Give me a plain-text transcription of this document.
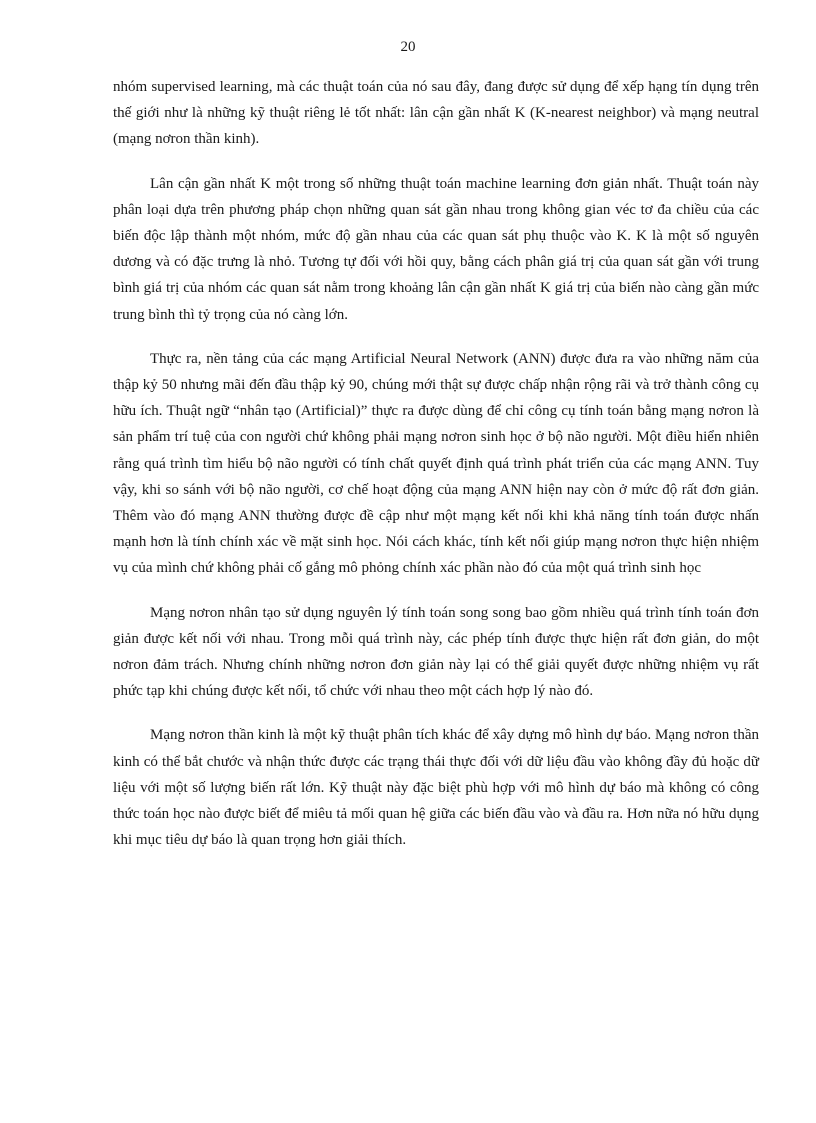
20

nhóm supervised learning, mà các thuật toán của nó sau đây, đang được sử dụng để xếp hạng tín dụng trên thế giới như là những kỹ thuật riêng lẻ tốt nhất: lân cận gần nhất K (K-nearest neighbor) và mạng neutral (mạng nơron thần kinh).

Lân cận gần nhất K một trong số những thuật toán machine learning đơn giản nhất. Thuật toán này phân loại dựa trên phương pháp chọn những quan sát gần nhau trong không gian véc tơ đa chiều của các biến độc lập thành một nhóm, mức độ gần nhau của các quan sát phụ thuộc vào K. K là một số nguyên dương và có đặc trưng là nhỏ. Tương tự đối với hồi quy, bằng cách phân giá trị của quan sát gần với trung bình giá trị của nhóm các quan sát nằm trong khoảng lân cận gần nhất K giá trị của biến nào càng gần mức trung bình thì tỷ trọng của nó càng lớn.

Thực ra, nền tảng của các mạng Artificial Neural Network (ANN) được đưa ra vào những năm của thập kỷ 50 nhưng mãi đến đầu thập kỷ 90, chúng mới thật sự được chấp nhận rộng rãi và trở thành công cụ hữu ích. Thuật ngữ “nhân tạo (Artificial)” thực ra được dùng để chỉ công cụ tính toán bằng mạng nơron là sản phẩm trí tuệ của con người chứ không phải mạng nơron sinh học ở bộ não người. Một điều hiển nhiên rằng quá trình tìm hiểu bộ não người có tính chất quyết định quá trình phát triển của các mạng ANN. Tuy vậy, khi so sánh với bộ não người, cơ chế hoạt động của mạng ANN hiện nay còn ở mức độ rất đơn giản. Thêm vào đó mạng ANN thường được đề cập như một mạng kết nối khi khả năng tính toán được nhấn mạnh hơn là tính chính xác về mặt sinh học. Nói cách khác, tính kết nối giúp mạng nơron thực hiện nhiệm vụ của mình chứ không phải cố gắng mô phỏng chính xác phần nào đó của một quá trình sinh học

Mạng nơron nhân tạo sử dụng nguyên lý tính toán song song bao gồm nhiều quá trình tính toán đơn giản được kết nối với nhau. Trong mỗi quá trình này, các phép tính được thực hiện rất đơn giản, do một nơron đảm trách. Nhưng chính những nơron đơn giản này lại có thể giải quyết được những nhiệm vụ rất phức tạp khi chúng được kết nối, tổ chức với nhau theo một cách hợp lý nào đó.

Mạng nơron thần kinh là một kỹ thuật phân tích khác để xây dựng mô hình dự báo. Mạng nơron thần kinh có thể bắt chước và nhận thức được các trạng thái thực đối với dữ liệu đầu vào không đầy đủ hoặc dữ liệu với một số lượng biến rất lớn. Kỹ thuật này đặc biệt phù hợp với mô hình dự báo mà không có công thức toán học nào được biết để miêu tả mối quan hệ giữa các biến đầu vào và đầu ra. Hơn nữa nó hữu dụng khi mục tiêu dự báo là quan trọng hơn giải thích.
